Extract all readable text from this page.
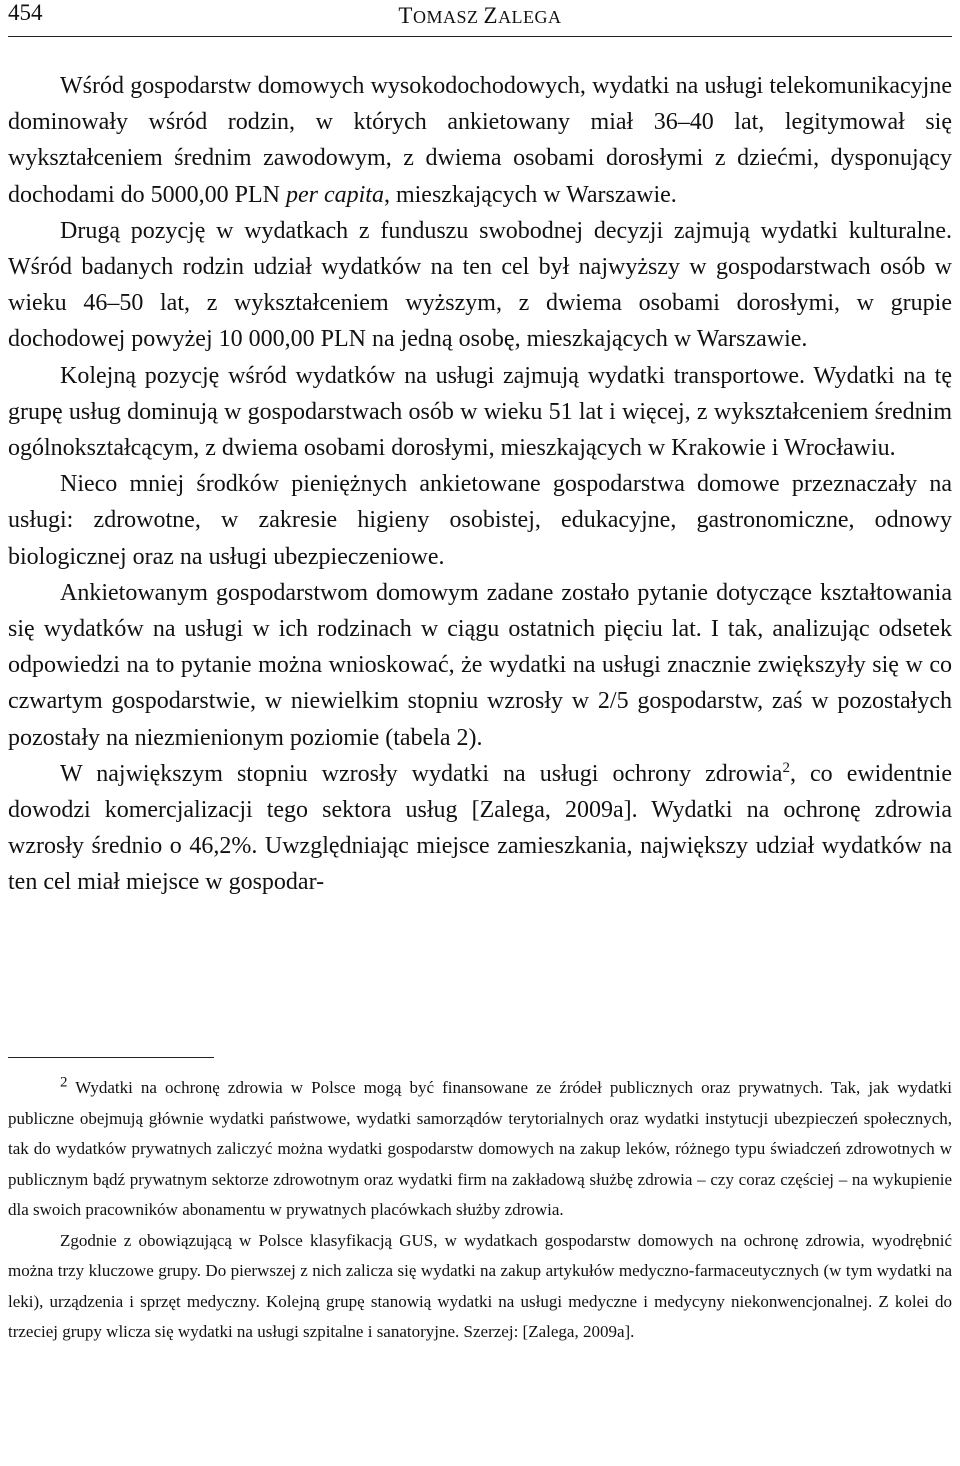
454	TOMASZ ZALEGA

Wśród gospodarstw domowych wysokodochodowych, wydatki na usługi telekomunikacyjne dominowały wśród rodzin, w których ankietowany miał 36–40 lat, legitymował się wykształceniem średnim zawodowym, z dwiema osobami dorosłymi z dziećmi, dysponujący dochodami do 5000,00 PLN per capita, mieszkających w Warszawie.

Drugą pozycję w wydatkach z funduszu swobodnej decyzji zajmują wydatki kulturalne. Wśród badanych rodzin udział wydatków na ten cel był najwyższy w gospodarstwach osób w wieku 46–50 lat, z wykształceniem wyższym, z dwiema osobami dorosłymi, w grupie dochodowej powyżej 10 000,00 PLN na jedną osobę, mieszkających w Warszawie.

Kolejną pozycję wśród wydatków na usługi zajmują wydatki transportowe. Wydatki na tę grupę usług dominują w gospodarstwach osób w wieku 51 lat i więcej, z wykształceniem średnim ogólnokształcącym, z dwiema osobami dorosłymi, mieszkających w Krakowie i Wrocławiu.

Nieco mniej środków pieniężnych ankietowane gospodarstwa domowe przeznaczały na usługi: zdrowotne, w zakresie higieny osobistej, edukacyjne, gastronomiczne, odnowy biologicznej oraz na usługi ubezpieczeniowe.

Ankietowanym gospodarstwom domowym zadane zostało pytanie dotyczące kształtowania się wydatków na usługi w ich rodzinach w ciągu ostatnich pięciu lat. I tak, analizując odsetek odpowiedzi na to pytanie można wnioskować, że wydatki na usługi znacznie zwiększyły się w co czwartym gospodarstwie, w niewielkim stopniu wzrosły w 2/5 gospodarstw, zaś w pozostałych pozostały na niezmienionym poziomie (tabela 2).

W największym stopniu wzrosły wydatki na usługi ochrony zdrowia$^2$, co ewidentnie dowodzi komercjalizacji tego sektora usług [Zalega, 2009a]. Wydatki na ochronę zdrowia wzrosły średnio o 46,2%. Uwzględniając miejsce zamieszkania, największy udział wydatków na ten cel miał miejsce w gospodar-

$^2$ Wydatki na ochronę zdrowia w Polsce mogą być finansowane ze źródeł publicznych oraz prywatnych. Tak, jak wydatki publiczne obejmują głównie wydatki państwowe, wydatki samorządów terytorialnych oraz wydatki instytucji ubezpieczeń społecznych, tak do wydatków prywatnych zaliczyć można wydatki gospodarstw domowych na zakup leków, różnego typu świadczeń zdrowotnych w publicznym bądź prywatnym sektorze zdrowotnym oraz wydatki firm na zakładową służbę zdrowia – czy coraz częściej – na wykupienie dla swoich pracowników abonamentu w prywatnych placówkach służby zdrowia.

Zgodnie z obowiązującą w Polsce klasyfikacją GUS, w wydatkach gospodarstw domowych na ochronę zdrowia, wyodrębnić można trzy kluczowe grupy. Do pierwszej z nich zalicza się wydatki na zakup artykułów medyczno-farmaceutycznych (w tym wydatki na leki), urządzenia i sprzęt medyczny. Kolejną grupę stanowią wydatki na usługi medyczne i medycyny niekonwencjonalnej. Z kolei do trzeciej grupy wlicza się wydatki na usługi szpitalne i sanatoryjne. Szerzej: [Zalega, 2009a].
